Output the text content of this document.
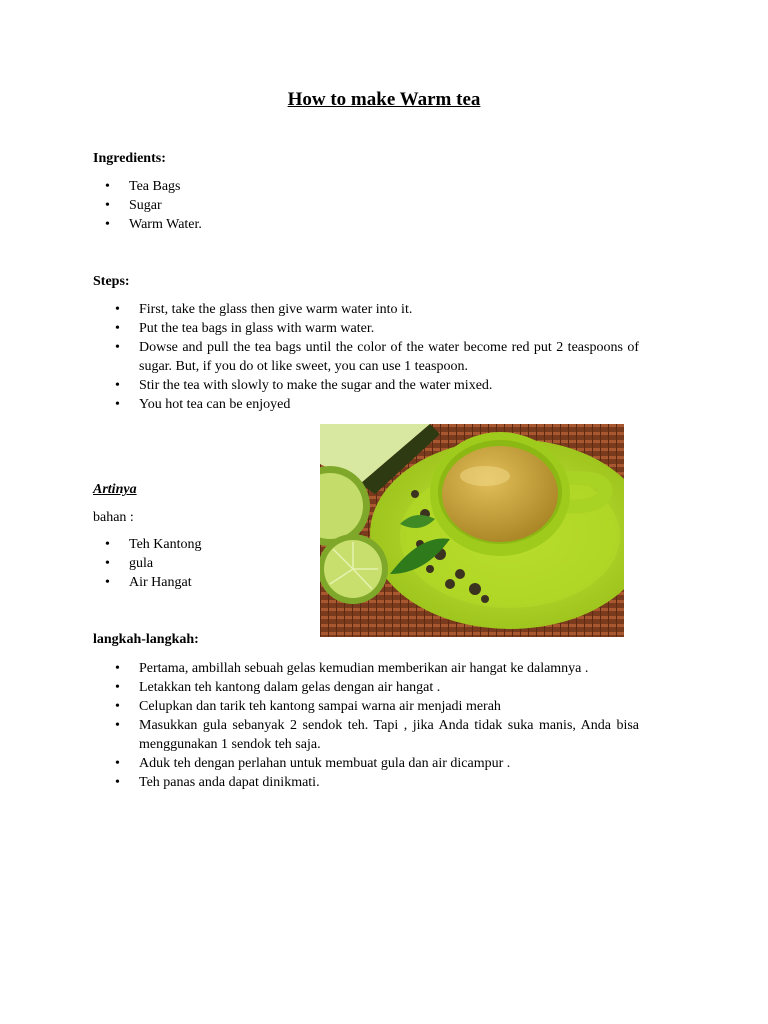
How to make Warm tea
Ingredients:
• Tea Bags
• Sugar
• Warm Water.
Steps:
• First, take the glass then give warm water into it.
• Put the tea bags in glass with warm water.
• Dowse and pull the tea bags until the color of the water become red put 2 teaspoons of sugar. But, if you do ot like sweet, you can use 1 teaspoon.
• Stir the tea with slowly to make the sugar and the water mixed.
• You hot tea can be enjoyed
Artinya
bahan :
• Teh Kantong
• gula
• Air Hangat
langkah-langkah:
• Pertama, ambillah sebuah gelas kemudian memberikan air hangat ke dalamnya .
• Letakkan teh kantong dalam gelas dengan air hangat .
• Celupkan dan tarik teh kantong sampai warna air menjadi merah
• Masukkan gula sebanyak 2 sendok teh. Tapi , jika Anda tidak suka manis, Anda bisa menggunakan 1 sendok teh saja.
• Aduk teh dengan perlahan untuk membuat gula dan air dicampur .
• Teh panas anda dapat dinikmati.
